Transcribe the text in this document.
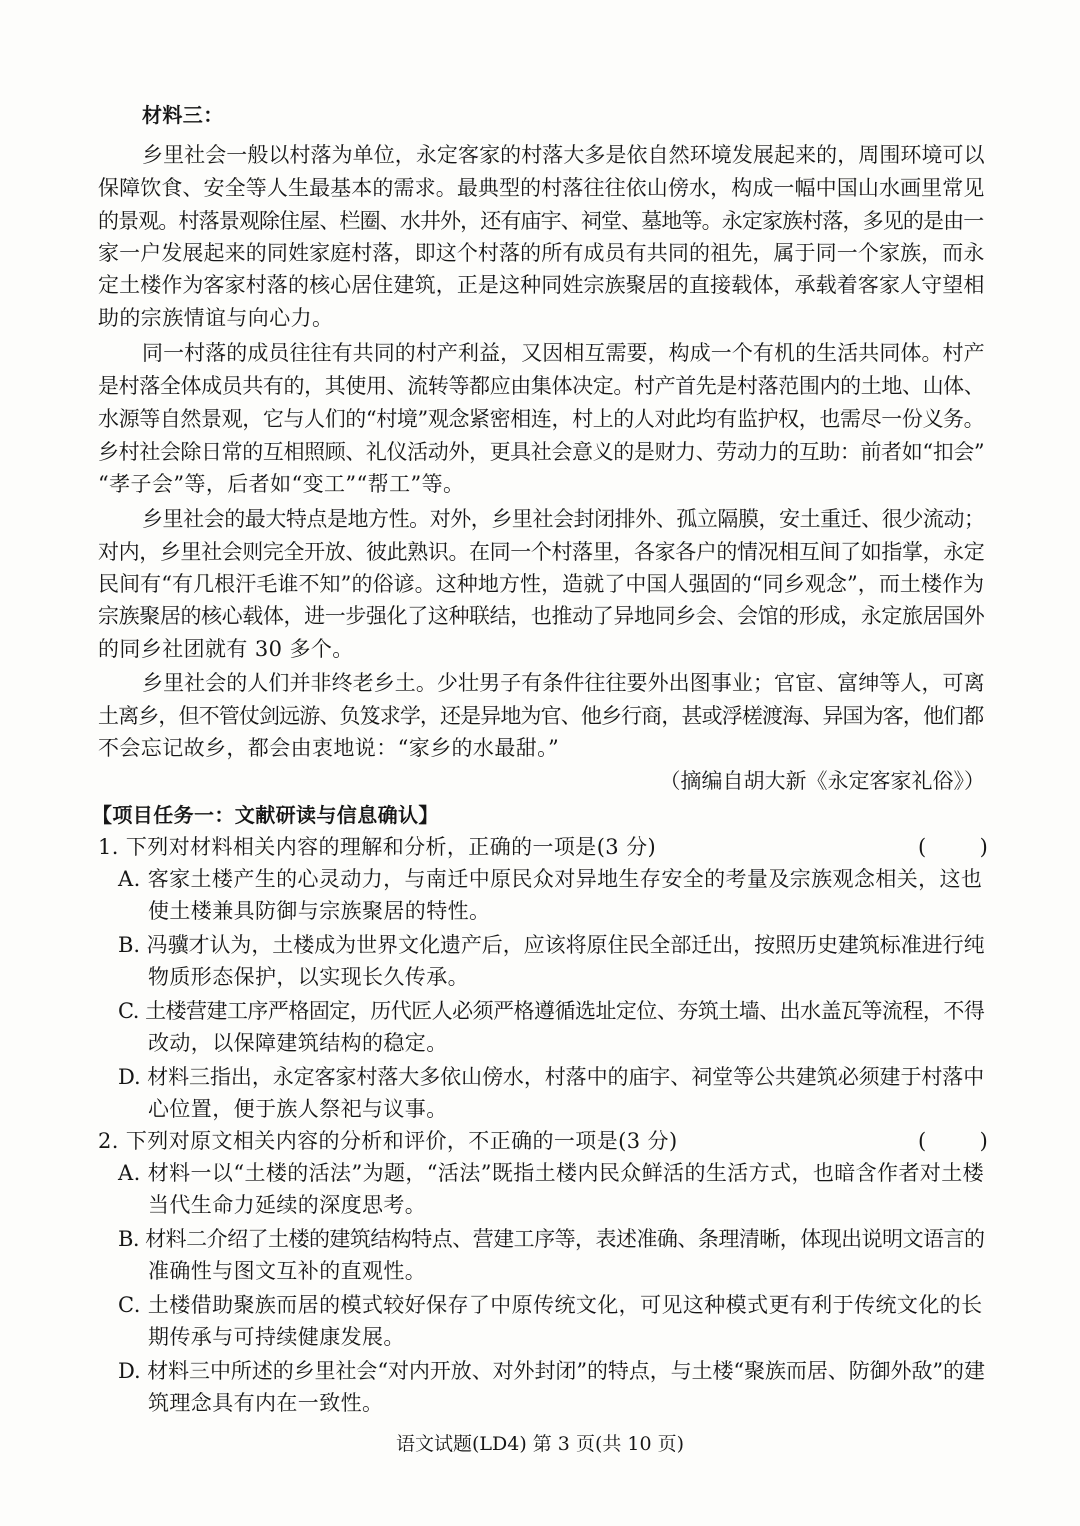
材料三：
乡里社会一般以村落为单位，永定客家的村落大多是依自然环境发展起来的，周围环境可以
保障饮食、安全等人生最基本的需求。最典型的村落往往依山傍水，构成一幅中国山水画里常见
的景观。村落景观除住屋、栏圈、水井外，还有庙宇、祠堂、墓地等。永定家族村落，多见的是由一
家一户发展起来的同姓家庭村落，即这个村落的所有成员有共同的祖先，属于同一个家族，而永
定土楼作为客家村落的核心居住建筑，正是这种同姓宗族聚居的直接载体，承载着客家人守望相
助的宗族情谊与向心力。
同一村落的成员往往有共同的村产利益，又因相互需要，构成一个有机的生活共同体。村产
是村落全体成员共有的，其使用、流转等都应由集体决定。村产首先是村落范围内的土地、山体、
水源等自然景观，它与人们的“村境”观念紧密相连，村上的人对此均有监护权，也需尽一份义务。
乡村社会除日常的互相照顾、礼仪活动外，更具社会意义的是财力、劳动力的互助：前者如“扣会”
“孝子会”等，后者如“变工”“帮工”等。
乡里社会的最大特点是地方性。对外，乡里社会封闭排外、孤立隔膜，安土重迁、很少流动；
对内，乡里社会则完全开放、彼此熟识。在同一个村落里，各家各户的情况相互间了如指掌，永定
民间有“有几根汗毛谁不知”的俗谚。这种地方性，造就了中国人强固的“同乡观念”，而土楼作为
宗族聚居的核心载体，进一步强化了这种联结，也推动了异地同乡会、会馆的形成，永定旅居国外
的同乡社团就有 30 多个。
乡里社会的人们并非终老乡土。少壮男子有条件往往要外出图事业；官宦、富绅等人，可离
土离乡，但不管仗剑远游、负笈求学，还是异地为官、他乡行商，甚或浮槎渡海、异国为客，他们都
不会忘记故乡，都会由衷地说：“家乡的水最甜。”
（摘编自胡大新《永定客家礼俗》）
【项目任务一：文献研读与信息确认】
1. 下列对材料相关内容的理解和分析，正确的一项是(3 分)	(        )
A. 客家土楼产生的心灵动力，与南迁中原民众对异地生存安全的考量及宗族观念相关，这也
使土楼兼具防御与宗族聚居的特性。
B. 冯骥才认为，土楼成为世界文化遗产后，应该将原住民全部迁出，按照历史建筑标准进行纯
物质形态保护，以实现长久传承。
C. 土楼营建工序严格固定，历代匠人必须严格遵循选址定位、夯筑土墙、出水盖瓦等流程，不得
改动，以保障建筑结构的稳定。
D. 材料三指出，永定客家村落大多依山傍水，村落中的庙宇、祠堂等公共建筑必须建于村落中
心位置，便于族人祭祀与议事。
2. 下列对原文相关内容的分析和评价，不正确的一项是(3 分)	(        )
A. 材料一以“土楼的活法”为题，“活法”既指土楼内民众鲜活的生活方式，也暗含作者对土楼
当代生命力延续的深度思考。
B. 材料二介绍了土楼的建筑结构特点、营建工序等，表述准确、条理清晰，体现出说明文语言的
准确性与图文互补的直观性。
C. 土楼借助聚族而居的模式较好保存了中原传统文化，可见这种模式更有利于传统文化的长
期传承与可持续健康发展。
D. 材料三中所述的乡里社会“对内开放、对外封闭”的特点，与土楼“聚族而居、防御外敌”的建
筑理念具有内在一致性。
语文试题(LD4) 第 3 页(共 10 页)
